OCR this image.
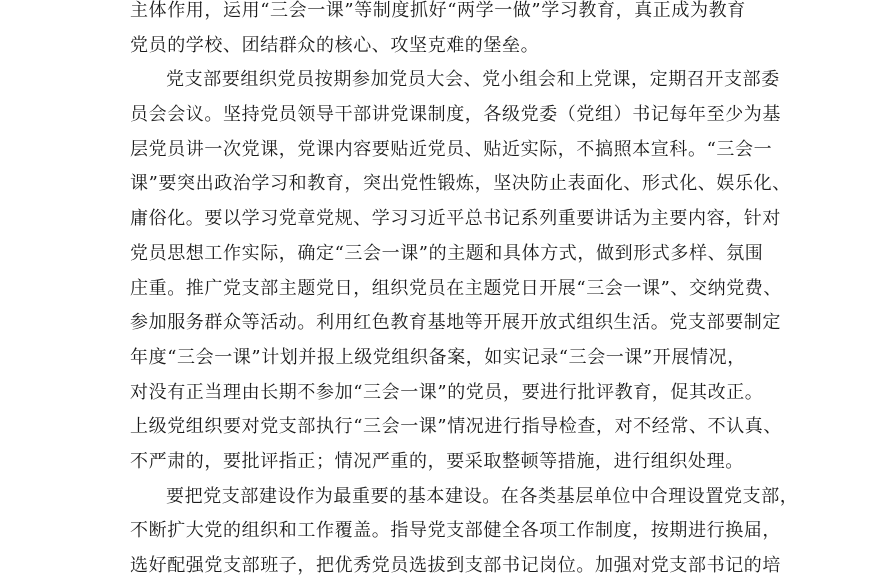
主体作用，运用“三会一课”等制度抓好“两学一做”学习教育，真正成为教育
党员的学校、团结群众的核心、攻坚克难的堡垒。
党支部要组织党员按期参加党员大会、党小组会和上党课，定期召开支部委
员会会议。坚持党员领导干部讲党课制度，各级党委（党组）书记每年至少为基
层党员讲一次党课，党课内容要贴近党员、贴近实际，不搞照本宣科。“三会一
课”要突出政治学习和教育，突出党性锻炼，坚决防止表面化、形式化、娱乐化、
庸俗化。要以学习党章党规、学习习近平总书记系列重要讲话为主要内容，针对
党员思想工作实际，确定“三会一课”的主题和具体方式，做到形式多样、氛围
庄重。推广党支部主题党日，组织党员在主题党日开展“三会一课”、交纳党费、
参加服务群众等活动。利用红色教育基地等开展开放式组织生活。党支部要制定
年度“三会一课”计划并报上级党组织备案，如实记录“三会一课”开展情况，
对没有正当理由长期不参加“三会一课”的党员，要进行批评教育，促其改正。
上级党组织要对党支部执行“三会一课”情况进行指导检查，对不经常、不认真、
不严肃的，要批评指正；情况严重的，要采取整顿等措施，进行组织处理。
要把党支部建设作为最重要的基本建设。在各类基层单位中合理设置党支部，
不断扩大党的组织和工作覆盖。指导党支部健全各项工作制度，按期进行换届，
选好配强党支部班子，把优秀党员选拔到支部书记岗位。加强对党支部书记的培
